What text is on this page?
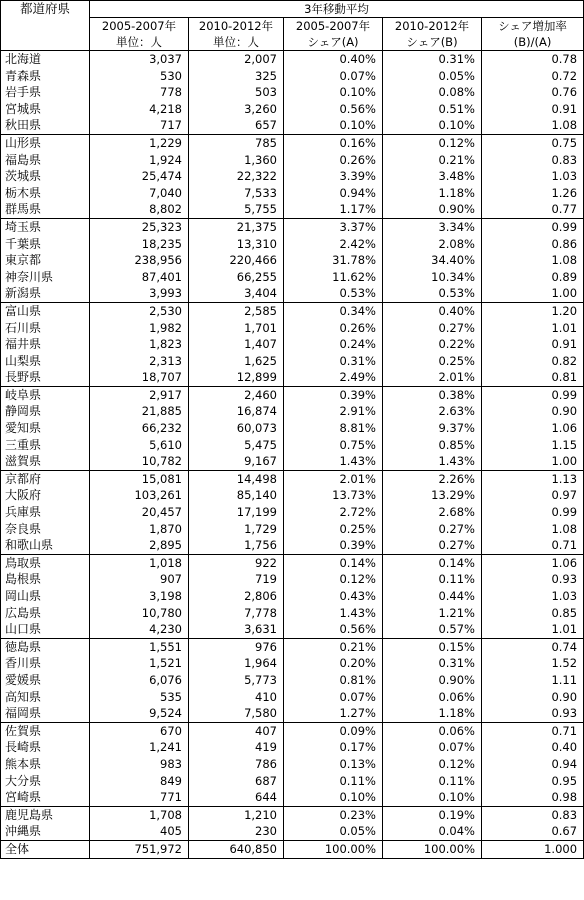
都道府県	3年移動平均				
	2005-2007年	2010-2012年	2005-2007年	2010-2012年	シェア増加率
	単位：人	単位：人	シェア(A)	シェア(B)	(B)/(A)
北海道	3,037	2,007	0.40%	0.31%	0.78
青森県	530	325	0.07%	0.05%	0.72
岩手県	778	503	0.10%	0.08%	0.76
宮城県	4,218	3,260	0.56%	0.51%	0.91
秋田県	717	657	0.10%	0.10%	1.08
山形県	1,229	785	0.16%	0.12%	0.75
福島県	1,924	1,360	0.26%	0.21%	0.83
茨城県	25,474	22,322	3.39%	3.48%	1.03
栃木県	7,040	7,533	0.94%	1.18%	1.26
群馬県	8,802	5,755	1.17%	0.90%	0.77
埼玉県	25,323	21,375	3.37%	3.34%	0.99
千葉県	18,235	13,310	2.42%	2.08%	0.86
東京都	238,956	220,466	31.78%	34.40%	1.08
神奈川県	87,401	66,255	11.62%	10.34%	0.89
新潟県	3,993	3,404	0.53%	0.53%	1.00
富山県	2,530	2,585	0.34%	0.40%	1.20
石川県	1,982	1,701	0.26%	0.27%	1.01
福井県	1,823	1,407	0.24%	0.22%	0.91
山梨県	2,313	1,625	0.31%	0.25%	0.82
長野県	18,707	12,899	2.49%	2.01%	0.81
岐阜県	2,917	2,460	0.39%	0.38%	0.99
静岡県	21,885	16,874	2.91%	2.63%	0.90
愛知県	66,232	60,073	8.81%	9.37%	1.06
三重県	5,610	5,475	0.75%	0.85%	1.15
滋賀県	10,782	9,167	1.43%	1.43%	1.00
京都府	15,081	14,498	2.01%	2.26%	1.13
大阪府	103,261	85,140	13.73%	13.29%	0.97
兵庫県	20,457	17,199	2.72%	2.68%	0.99
奈良県	1,870	1,729	0.25%	0.27%	1.08
和歌山県	2,895	1,756	0.39%	0.27%	0.71
鳥取県	1,018	922	0.14%	0.14%	1.06
島根県	907	719	0.12%	0.11%	0.93
岡山県	3,198	2,806	0.43%	0.44%	1.03
広島県	10,780	7,778	1.43%	1.21%	0.85
山口県	4,230	3,631	0.56%	0.57%	1.01
徳島県	1,551	976	0.21%	0.15%	0.74
香川県	1,521	1,964	0.20%	0.31%	1.52
愛媛県	6,076	5,773	0.81%	0.90%	1.11
高知県	535	410	0.07%	0.06%	0.90
福岡県	9,524	7,580	1.27%	1.18%	0.93
佐賀県	670	407	0.09%	0.06%	0.71
長崎県	1,241	419	0.17%	0.07%	0.40
熊本県	983	786	0.13%	0.12%	0.94
大分県	849	687	0.11%	0.11%	0.95
宮崎県	771	644	0.10%	0.10%	0.98
鹿児島県	1,708	1,210	0.23%	0.19%	0.83
沖縄県	405	230	0.05%	0.04%	0.67
全体	751,972	640,850	100.00%	100.00%	1.000
